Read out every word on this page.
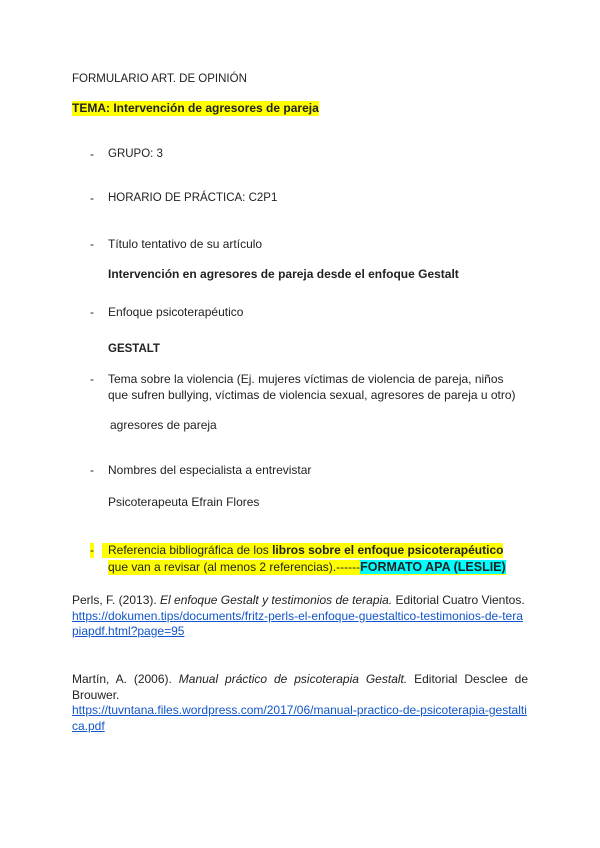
FORMULARIO ART. DE OPINIÓN
TEMA: Intervención de agresores de pareja
- GRUPO: 3
- HORARIO DE PRÁCTICA: C2P1
- Título tentativo de su artículo
Intervención en agresores de pareja desde el enfoque Gestalt
- Enfoque psicoterapéutico
GESTALT
- Tema sobre la violencia (Ej. mujeres víctimas de violencia de pareja, niños
que sufren bullying, víctimas de violencia sexual, agresores de pareja u otro)
agresores de pareja
- Nombres del especialista a entrevistar
Psicoterapeuta Efrain Flores
-	Referencia bibliográfica de los libros sobre el enfoque psicoterapéutico
que van a revisar (al menos 2 referencias).------FORMATO APA (LESLIE)
Perls, F. (2013). El enfoque Gestalt y testimonios de terapia. Editorial Cuatro Vientos.
https://dokumen.tips/documents/fritz-perls-el-enfoque-guestaltico-testimonios-de-terapiapdf.html?page=95
Martín, A. (2006). Manual práctico de psicoterapia Gestalt. Editorial Desclee de Brouwer.
https://tuvntana.files.wordpress.com/2017/06/manual-practico-de-psicoterapia-gestaltica.pdf
